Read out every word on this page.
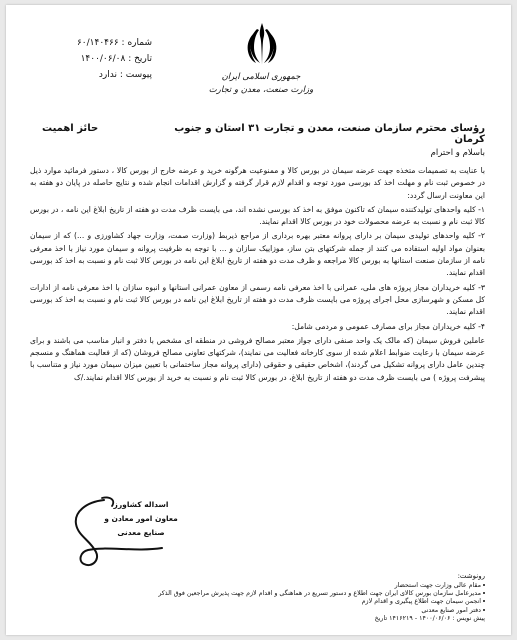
شماره : ۶۰/۱۴۰۴۶۶
تاریخ : ۱۴۰۰/۰۶/۰۸
پیوست : ندارد	جمهوری اسلامی ایران
وزارت صنعت، معدن و تجارت
حائز اهمیت	رؤسای محترم سازمان صنعت، معدن و تجارت ۳۱ استان و جنوب کرمان
باسلام و احترام

با عنایت به تصمیمات متخذه جهت عرضه سیمان در بورس کالا و ممنوعیت هرگونه خرید و عرضه خارج از بورس کالا ، دستور فرمائید موارد ذیل در خصوص ثبت نام و مهلت اخذ کد بورسی مورد توجه و اقدام لازم قرار گرفته و گزارش اقدامات انجام شده و نتایج حاصله در پایان دو هفته به این معاونت ارسال گردد:

۱- کلیه واحدهای تولیدکننده سیمان که تاکنون موفق به اخذ کد بورسی نشده اند، می بایست ظرف مدت دو هفته از تاریخ ابلاغ این نامه ، در بورس کالا ثبت نام و نسبت به عرضه محصولات خود در بورس کالا اقدام نمایند.

۲- کلیه واحدهای تولیدی سیمان بر دارای پروانه معتبر بهره برداری از مراجع ذیربط (وزارت صمت، وزارت جهاد کشاورزی و ...) که از سیمان بعنوان مواد اولیه استفاده می کنند از جمله شرکتهای بتن ساز، موزاییک سازان و ... با توجه به ظرفیت پروانه و سیمان مورد نیاز با اخذ معرفی نامه از سازمان صنعت استانها به بورس کالا مراجعه و ظرف مدت دو هفته از تاریخ ابلاغ این نامه در بورس کالا ثبت نام و نسبت به اخذ کد بورسی اقدام نمایند.

۳- کلیه خریداران مجاز پروژه های ملی، عمرانی با اخذ معرفی نامه رسمی از معاون عمرانی استانها و انبوه سازان با اخذ معرفی نامه از ادارات کل مسکن و شهرسازی محل اجرای پروژه می بایست ظرف مدت دو هفته از تاریخ ابلاغ این نامه در بورس کالا ثبت نام و نسبت به اخذ کد بورسی اقدام نمایند.

۴- کلیه خریداران مجاز برای مصارف عمومی و مردمی شامل:

عاملین فروش سیمان (که مالک یک واحد صنفی دارای جواز معتبر مصالح فروشی در منطقه ای مشخص با دفتر و انبار مناسب می باشند و برای عرضه سیمان با رعایت ضوابط اعلام شده از سوی کارخانه فعالیت می نمایند)، شرکتهای تعاونی مصالح فروشان (که از فعالیت هماهنگ و منسجم چندین عامل دارای پروانه تشکیل می گردند)، اشخاص حقیقی و حقوقی (دارای پروانه مجاز ساختمانی با تعیین میزان سیمان مورد نیاز و متناسب با پیشرفت پروژه ) می بایست ظرف مدت دو هفته از تاریخ ابلاغ، در بورس کالا ثبت نام و نسبت به خرید از بورس کالا اقدام نمایند./ک

اسداله کشاورز
معاون امور معادن و صنایع معدنی
رونوشت:
مقام عالی وزارت جهت استحضار
مدیرعامل سازمان بورس کالای ایران جهت اطلاع و دستور تسریع در هماهنگی و اقدام لازم جهت پذیرش مراجعین فوق الذکر
انجمن سیمان جهت اطلاع پیگیری و اقدام لازم
دفتر امور صنایع معدنی
پیش نویس : ۱۴۰۰/۰۶/۰۶ - ۱۴۱۶۲۱۹ تاریخ
